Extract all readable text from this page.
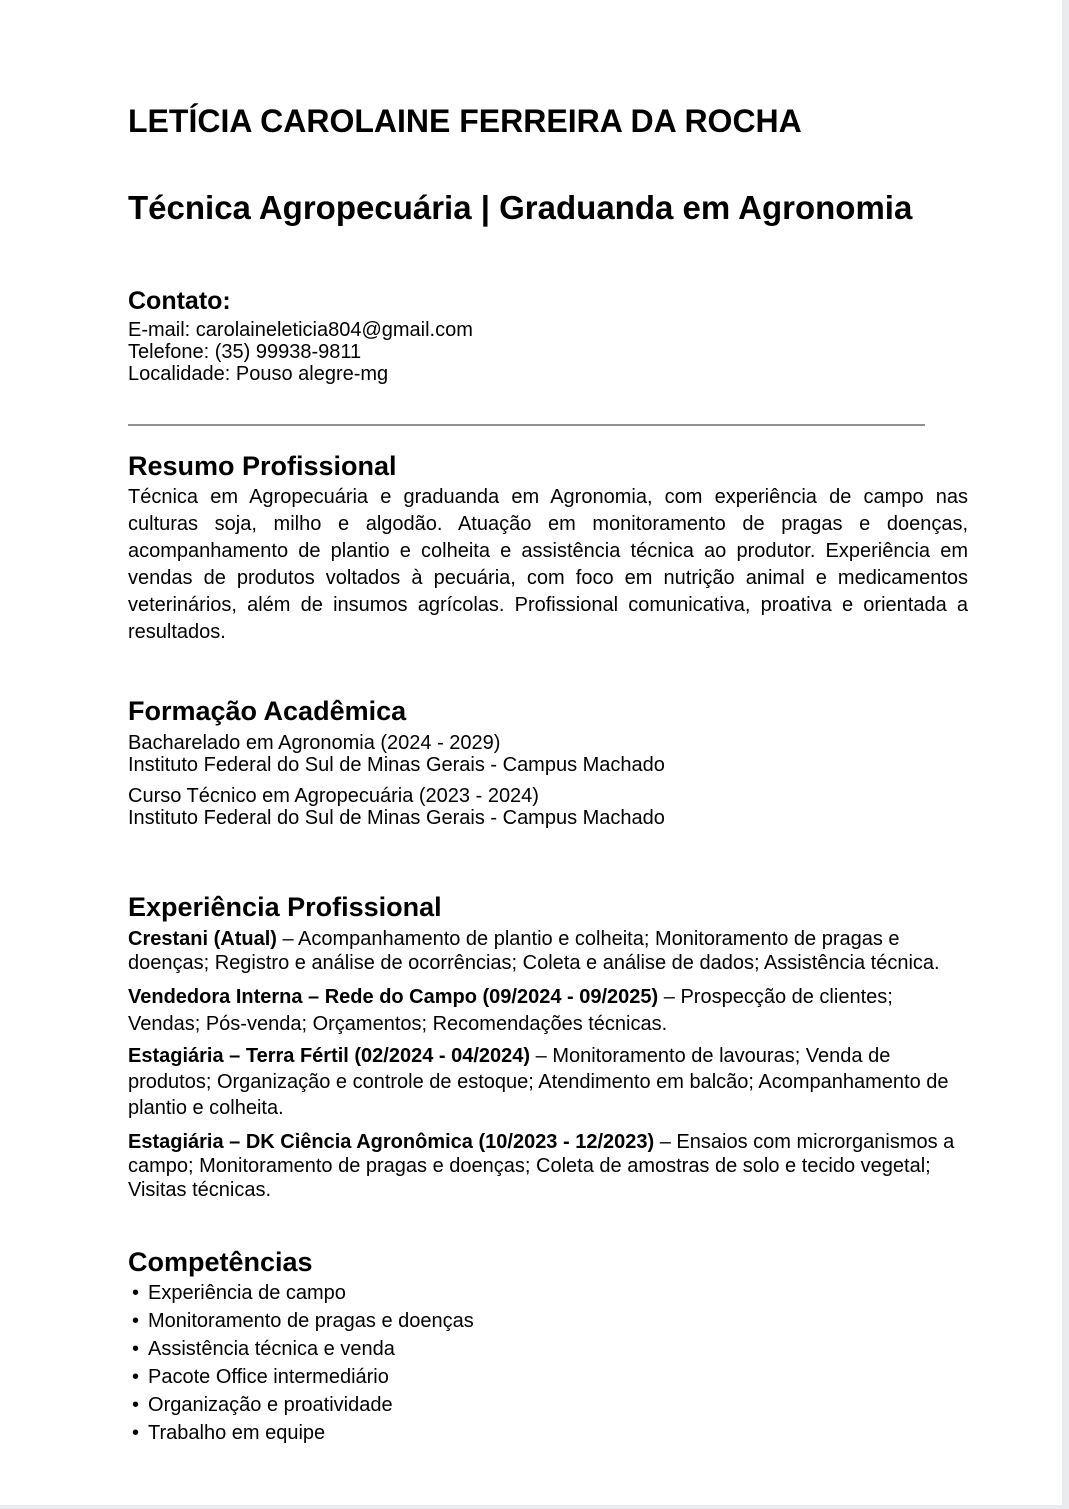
LETÍCIA CAROLAINE FERREIRA DA ROCHA
Técnica Agropecuária | Graduanda em Agronomia
Contato:

E-mail: carolaineleticia804@gmail.com

Telefone: (35) 99938-9811

Localidade: Pouso alegre-mg

Resumo Profissional

Técnica em Agropecuária e graduanda em Agronomia, com experiência de campo nas culturas soja, milho e algodão. Atuação em monitoramento de pragas e doenças, acompanhamento de plantio e colheita e assistência técnica ao produtor. Experiência em vendas de produtos voltados à pecuária, com foco em nutrição animal e medicamentos veterinários, além de insumos agrícolas. Profissional comunicativa, proativa e orientada a resultados.

Formação Acadêmica

Bacharelado em Agronomia (2024 - 2029)

Instituto Federal do Sul de Minas Gerais - Campus Machado

Curso Técnico em Agropecuária (2023 - 2024)

Instituto Federal do Sul de Minas Gerais - Campus Machado

Experiência Profissional

Crestani (Atual) – Acompanhamento de plantio e colheita; Monitoramento de pragas e doenças; Registro e análise de ocorrências; Coleta e análise de dados; Assistência técnica.

Vendedora Interna – Rede do Campo (09/2024 - 09/2025) – Prospecção de clientes; Vendas; Pós-venda; Orçamentos; Recomendações técnicas.

Estagiária – Terra Fértil (02/2024 - 04/2024) – Monitoramento de lavouras; Venda de produtos; Organização e controle de estoque; Atendimento em balcão; Acompanhamento de plantio e colheita.

Estagiária – DK Ciência Agronômica (10/2023 - 12/2023) – Ensaios com microrganismos a campo; Monitoramento de pragas e doenças; Coleta de amostras de solo e tecido vegetal; Visitas técnicas.

Competências
• Experiência de campo
• Monitoramento de pragas e doenças
• Assistência técnica e venda
• Pacote Office intermediário
• Organização e proatividade
• Trabalho em equipe
